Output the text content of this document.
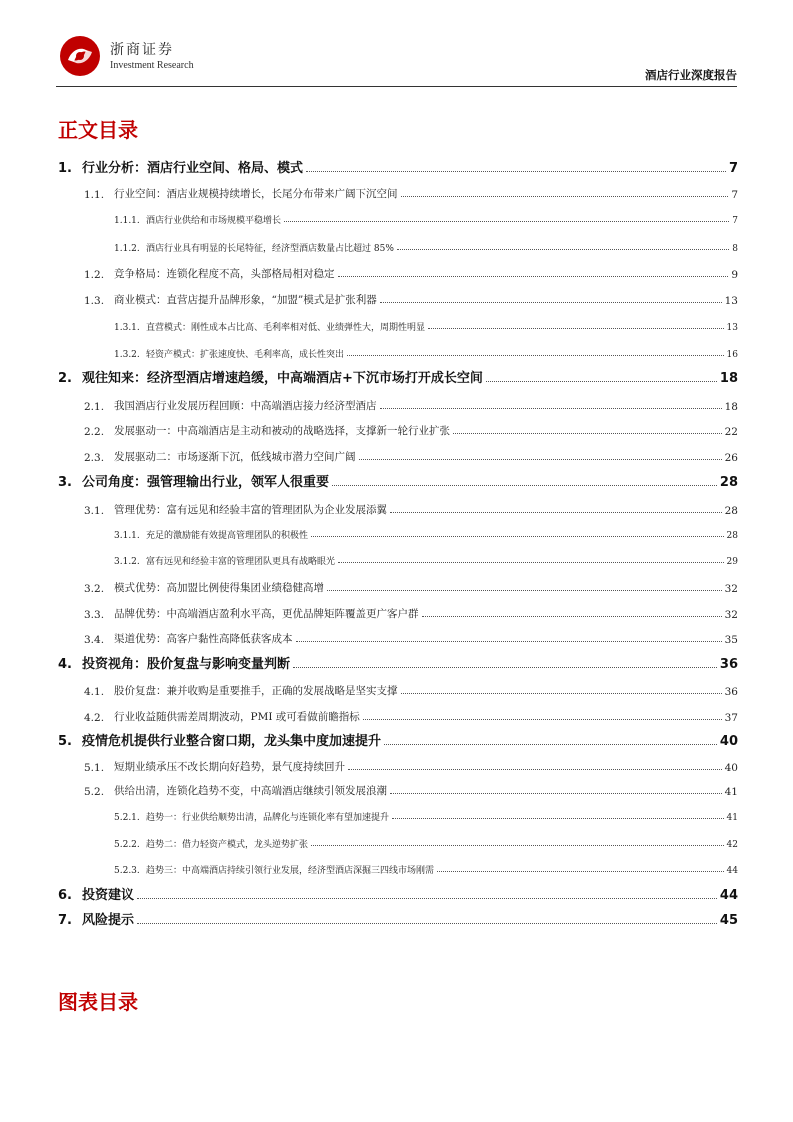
浙商证券
Investment Research
酒店行业深度报告
正文目录
1. 行业分析：酒店行业空间、格局、模式	7
1.1. 行业空间：酒店业规模持续增长，长尾分布带来广阔下沉空间	7
1.1.1. 酒店行业供给和市场规模平稳增长	7
1.1.2. 酒店行业具有明显的长尾特征，经济型酒店数量占比超过 85%	8
1.2. 竞争格局：连锁化程度不高，头部格局相对稳定	9
1.3. 商业模式：直营店提升品牌形象，“加盟”模式是扩张利器	13
1.3.1. 直营模式：刚性成本占比高、毛利率相对低、业绩弹性大，周期性明显	13
1.3.2. 轻资产模式：扩张速度快、毛利率高，成长性突出	16
2. 观往知来：经济型酒店增速趋缓，中高端酒店+下沉市场打开成长空间	18
2.1. 我国酒店行业发展历程回顾：中高端酒店接力经济型酒店	18
2.2. 发展驱动一：中高端酒店是主动和被动的战略选择，支撑新一轮行业扩张	22
2.3. 发展驱动二：市场逐渐下沉，低线城市潜力空间广阔	26
3. 公司角度：强管理输出行业，领军人很重要	28
3.1. 管理优势：富有远见和经验丰富的管理团队为企业发展添翼	28
3.1.1. 充足的激励能有效提高管理团队的积极性	28
3.1.2. 富有远见和经验丰富的管理团队更具有战略眼光	29
3.2. 模式优势：高加盟比例使得集团业绩稳健高增	32
3.3. 品牌优势：中高端酒店盈利水平高，更优品牌矩阵覆盖更广客户群	32
3.4. 渠道优势：高客户黏性高降低获客成本	35
4. 投资视角：股价复盘与影响变量判断	36
4.1. 股价复盘：兼并收购是重要推手，正确的发展战略是坚实支撑	36
4.2. 行业收益随供需差周期波动，PMI 或可看做前瞻指标	37
5. 疫情危机提供行业整合窗口期，龙头集中度加速提升	40
5.1. 短期业绩承压不改长期向好趋势，景气度持续回升	40
5.2. 供给出清，连锁化趋势不变，中高端酒店继续引领发展浪潮	41
5.2.1. 趋势一：行业供给顺势出清，品牌化与连锁化率有望加速提升	41
5.2.2. 趋势二：借力轻资产模式，龙头逆势扩张	42
5.2.3. 趋势三：中高端酒店持续引领行业发展，经济型酒店深掘三四线市场刚需	44
6. 投资建议	44
7. 风险提示	45
图表目录
